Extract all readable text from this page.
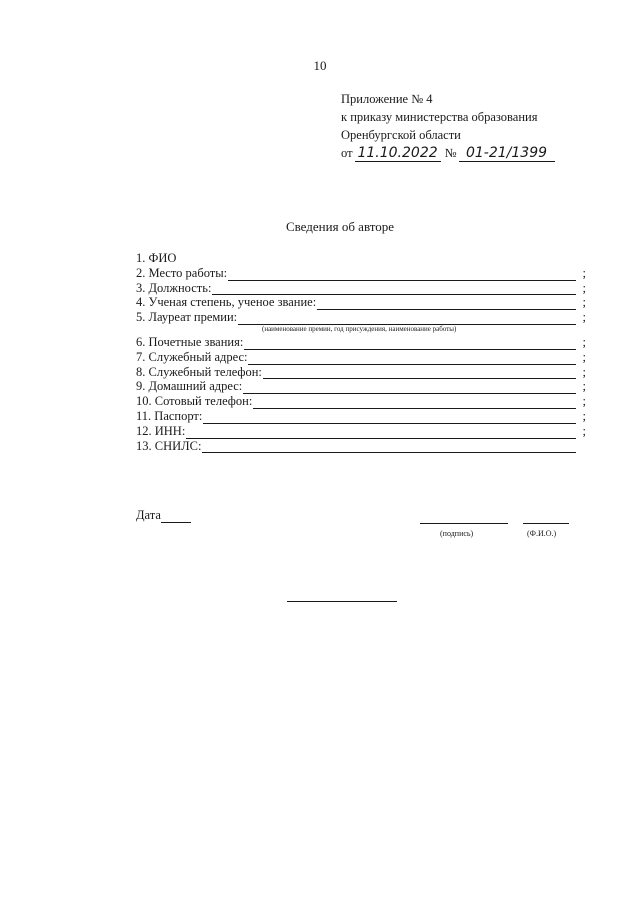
10
Приложение № 4
к приказу министерства образования
Оренбургской области
от 11.10.2022 № 01-21/1399
Сведения об авторе
1. ФИО
2. Место работы:	;
3. Должность:	;
4. Ученая степень, ученое звание:	;
5. Лауреат премии:	;
(наименование премии, год присуждения, наименование работы)
6. Почетные звания:	;
7. Служебный адрес:	;
8. Служебный телефон:	;
9. Домашний адрес:	;
10. Сотовый телефон:	;
11. Паспорт:	;
12. ИНН:	;
13. СНИЛС:
Дата
(подпись)	(Ф.И.О.)
